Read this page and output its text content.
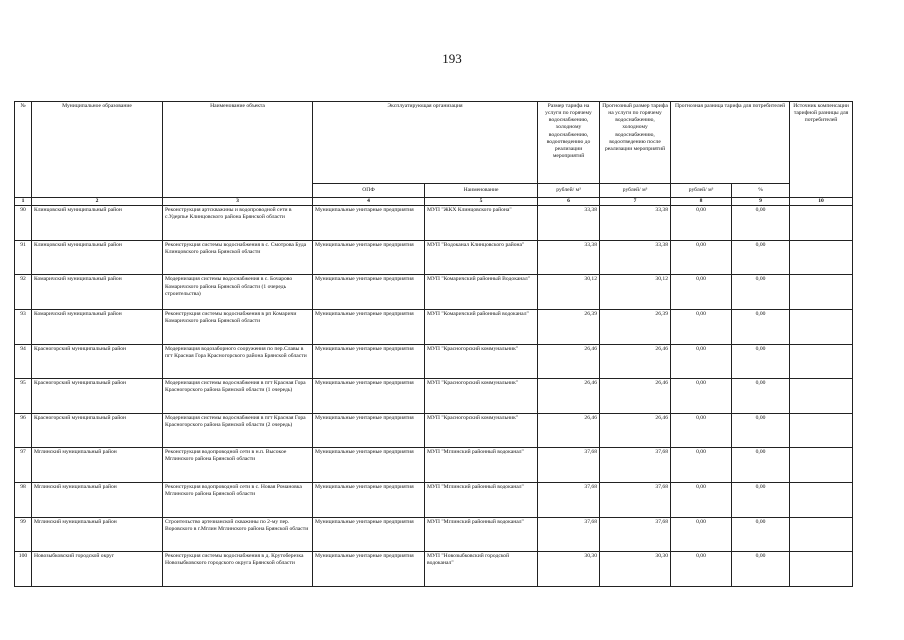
193
№	Муниципальное образование	Наименование объекта	Эксплуатирующая организация		Размер тарифа на услуги по горячему водоснабжению, холодному водоснабжению, водоотведению до реализации мероприятий	Прогнозный размер тарифа на услуги по горячему водоснабжению, холодному водоснабжению, водоотведению после реализации мероприятий	Прогнозная разница тарифа для потребителей		Источник компенсации тарифной разницы для потребителей
			ОПФ	Наименование	рублей/ м³	рублей/ м³	рублей/ м³	%	
1	2	3	4	5	6	7	8	9	10
90	Клинцовский муниципальный район	Реконструкция артскважины и водопроводной сети в с.Удерпье Клинцовского района Брянской области	Муниципальные унитарные предприятия	МУП "ЖКХ Клинцовского района"	33,38	33,38	0,00	0,00	
91	Клинцовский муниципальный район	Реконструкция системы водоснабжения в с. Смотрова Буда Клинцовского района Брянской области	Муниципальные унитарные предприятия	МУП "Водоканал Клинцовского района"	33,38	33,38	0,00	0,00	
92	Комаричский муниципальный район	Модернизация системы водоснабжения в с. Бочарово Комаричского района Брянской области (1 очередь строительства)	Муниципальные унитарные предприятия	МУП "Комаричский районный Водоканал"	30,12	30,12	0,00	0,00	
93	Комаричский муниципальный район	Реконструкция системы водоснабжения в рп Комаричи Комаричского района Брянской области	Муниципальные унитарные предприятия	МУП "Комаричский районный водоканал"	26,39	26,39	0,00	0,00	
94	Красногорский муниципальный район	Модернизация водозаборного сооружения по пер.Славы в пгт Красная Гора Красногорского района Брянской области	Муниципальные унитарные предприятия	МУП "Красногорский коммунальник"	26,46	26,46	0,00	0,00	
95	Красногорский муниципальный район	Модернизация системы водоснабжения в пгт Красная Гора Красногорского района Брянской области (1 очередь)	Муниципальные унитарные предприятия	МУП "Красногорский коммунальник"	26,46	26,46	0,00	0,00	
96	Красногорский муниципальный район	Модернизация системы водоснабжения в пгт Красная Гора Красногорского района Брянской области (2 очередь)	Муниципальные унитарные предприятия	МУП "Красногорский коммунальник"	26,46	26,46	0,00	0,00	
97	Мглинский муниципальный район	Реконструкция водопроводной сети в н.п. Высокое Мглинского района Брянской области	Муниципальные унитарные предприятия	МУП "Мглинский районный водоканал"	37,68	37,68	0,00	0,00	
98	Мглинский муниципальный район	Реконструкция водопроводной сети в с. Новая Романовка Мглинского района Брянской области	Муниципальные унитарные предприятия	МУП "Мглинский районный водоканал"	37,68	37,68	0,00	0,00	
99	Мглинский муниципальный район	Строительство артезианской скважины по 2-му пер. Воровского в г.Мглин Мглинского района Брянской области	Муниципальные унитарные предприятия	МУП "Мглинский районный водоканал"	37,68	37,68	0,00	0,00	
100	Новозыбковский городской округ	Реконструкция системы водоснабжения в д. Крутоберезка Новозыбковского городского округа Брянской области	Муниципальные унитарные предприятия	МУП "Новозыбковский городской водоканал"	30,30	30,30	0,00	0,00	
